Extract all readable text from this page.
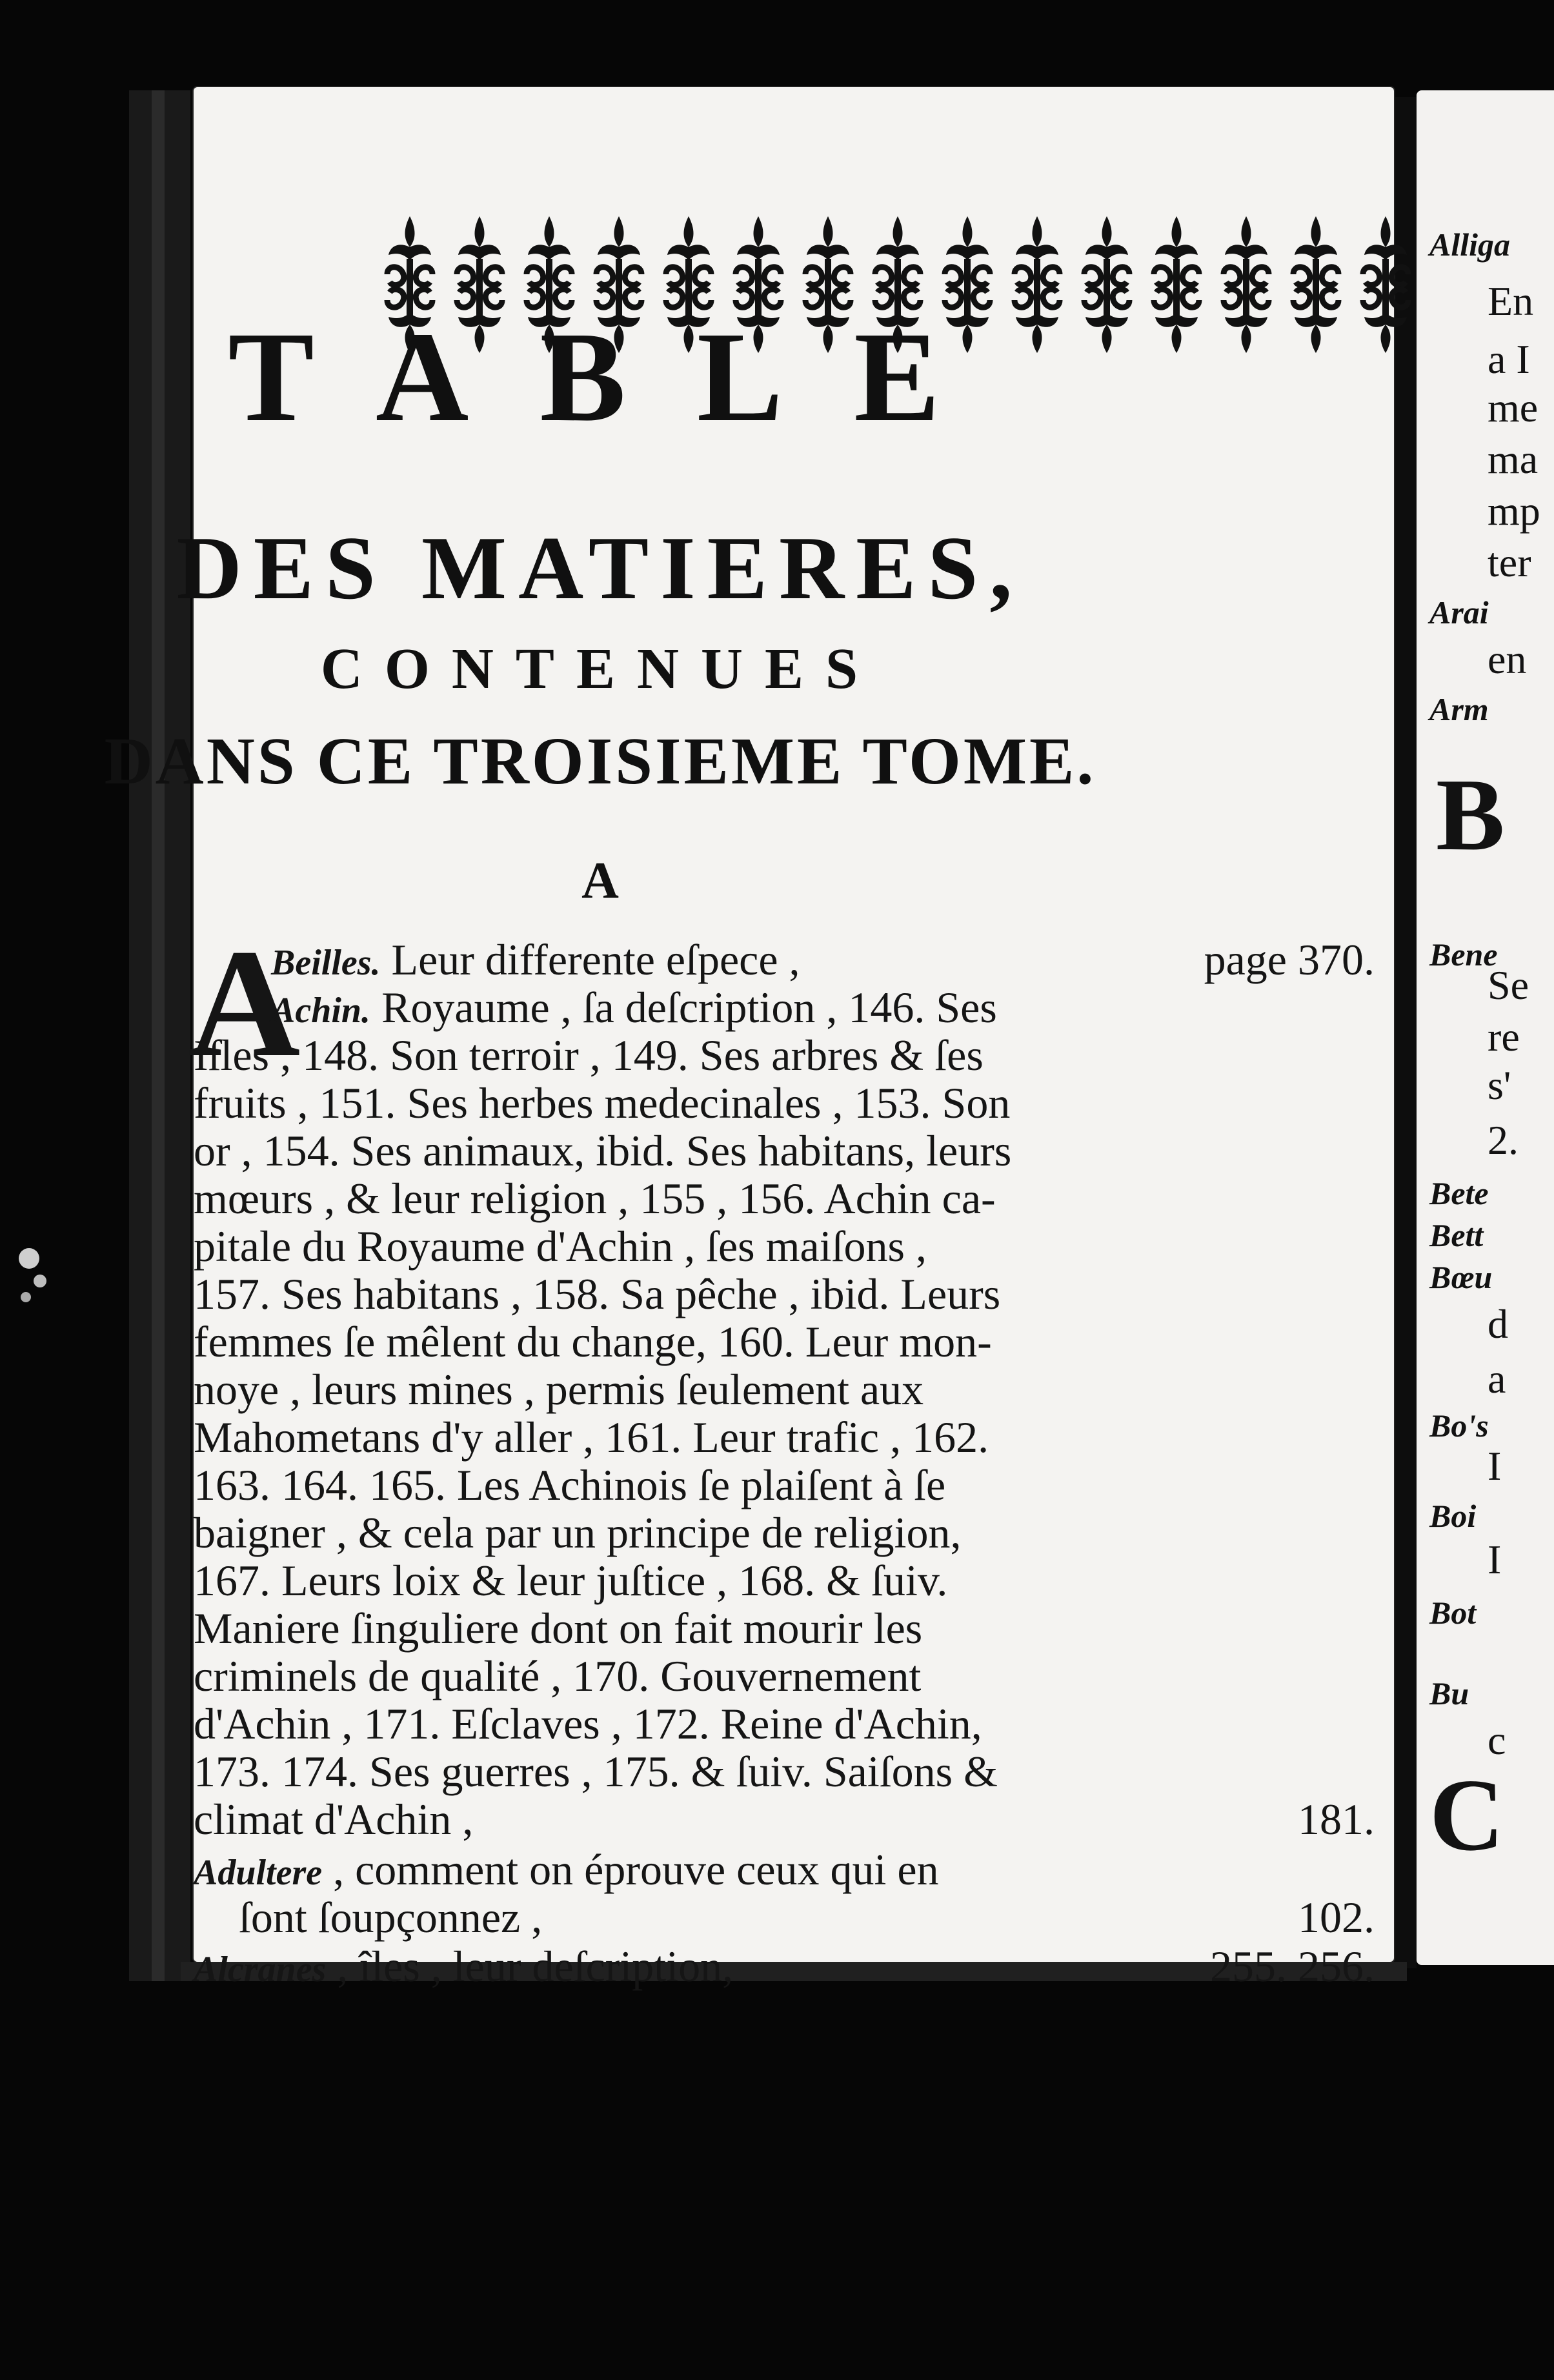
TABLE
DES MATIERES,
CONTENUES
DANS CE TROISIEME TOME.
A
A
Beilles. Leur differente eſpece ,	page 370.
Achin. Royaume , ſa deſcription , 146. Ses
Iſles , 148. Son terroir , 149. Ses arbres & ſes
fruits , 151. Ses herbes medecinales , 153. Son
or , 154. Ses animaux, ibid. Ses habitans, leurs
mœurs , & leur religion , 155 , 156. Achin ca-
pitale du Royaume d'Achin , ſes maiſons ,
157. Ses habitans , 158. Sa pêche , ibid. Leurs
femmes ſe mêlent du change, 160. Leur mon-
noye , leurs mines , permis ſeulement aux
Mahometans d'y aller , 161. Leur trafic , 162.
163. 164. 165. Les Achinois ſe plaiſent à ſe
baigner , & cela par un principe de religion,
167. Leurs loix & leur juſtice , 168. & ſuiv.
Maniere ſinguliere dont on fait mourir les
criminels de qualité , 170. Gouvernement
d'Achin , 171. Eſclaves , 172. Reine d'Achin,
173. 174. Ses guerres , 175. & ſuiv. Saiſons &
climat d'Achin ,	181.
Adultere , comment on éprouve ceux qui en
ſont ſoupçonnez ,	102.
Alcranes , îles , leur deſcription,	255. 256.
Alliga
En
a I
me
ma
mp
ter
Arai
en
Arm
B
Bene
Se
re
s'
2.
Bete
Bett
Bœu
d
a
Bo's
I
Boi
I
Bot
Bu
c
C
